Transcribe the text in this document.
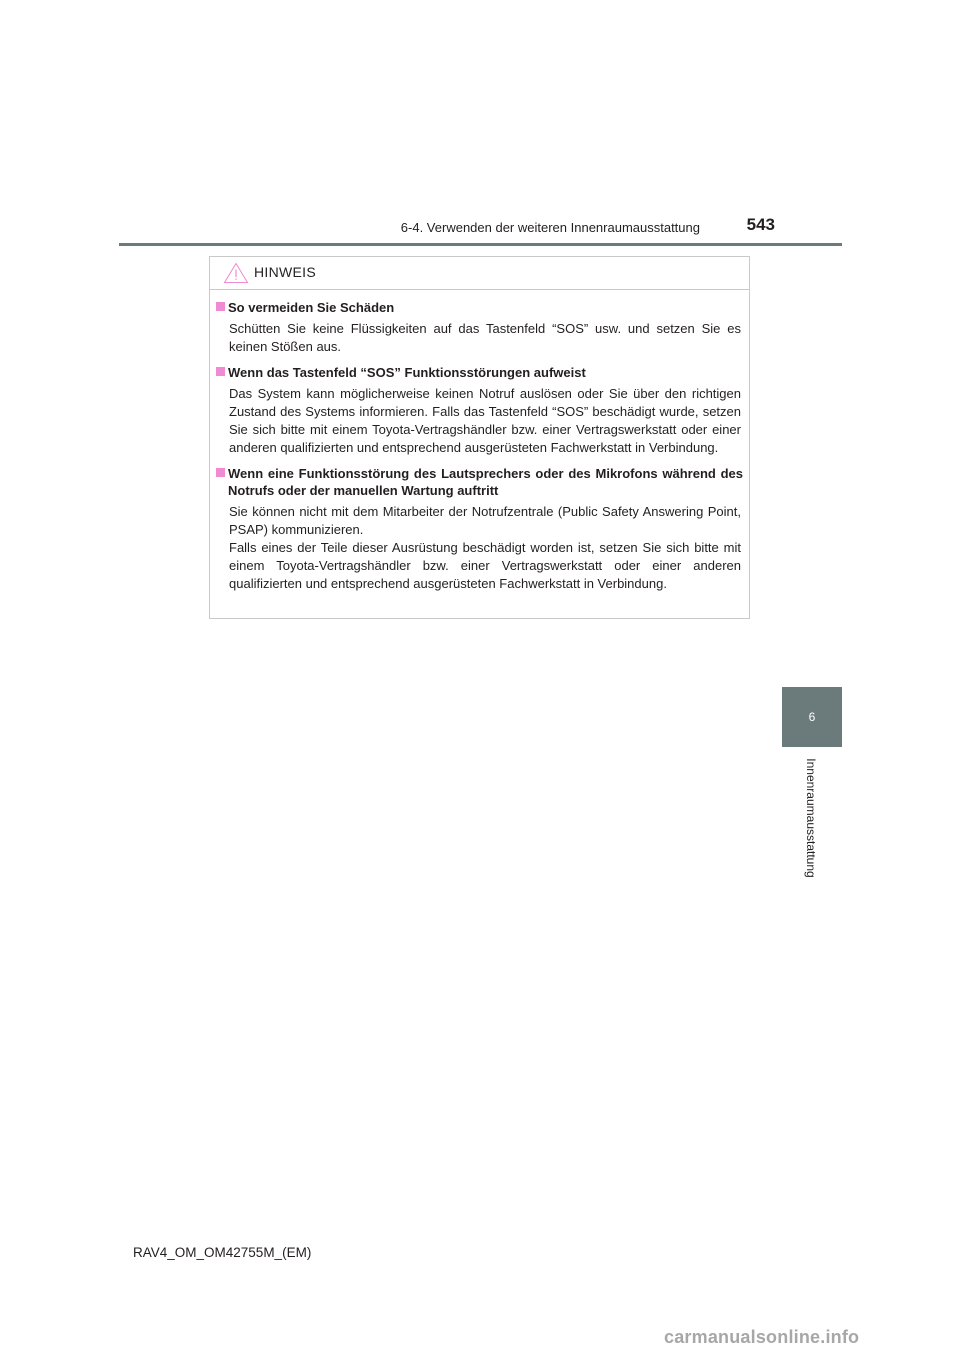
6-4. Verwenden der weiteren Innenraumausstattung	543
HINWEIS
So vermeiden Sie Schäden
Schütten Sie keine Flüssigkeiten auf das Tastenfeld “SOS” usw. und setzen Sie es keinen Stößen aus.
Wenn das Tastenfeld “SOS” Funktionsstörungen aufweist
Das System kann möglicherweise keinen Notruf auslösen oder Sie über den richtigen Zustand des Systems informieren. Falls das Tastenfeld “SOS” beschädigt wurde, setzen Sie sich bitte mit einem Toyota-Vertragshändler bzw. einer Vertragswerkstatt oder einer anderen qualifizierten und entsprechend ausgerüsteten Fachwerkstatt in Verbindung.
Wenn eine Funktionsstörung des Lautsprechers oder des Mikrofons während des Notrufs oder der manuellen Wartung auftritt
Sie können nicht mit dem Mitarbeiter der Notrufzentrale (Public Safety Answering Point, PSAP) kommunizieren.
Falls eines der Teile dieser Ausrüstung beschädigt worden ist, setzen Sie sich bitte mit einem Toyota-Vertragshändler bzw. einer Vertragswerkstatt oder einer anderen qualifizierten und entsprechend ausgerüsteten Fachwerkstatt in Verbindung.
6
Innenraumausstattung
RAV4_OM_OM42755M_(EM)
carmanualsonline.info
